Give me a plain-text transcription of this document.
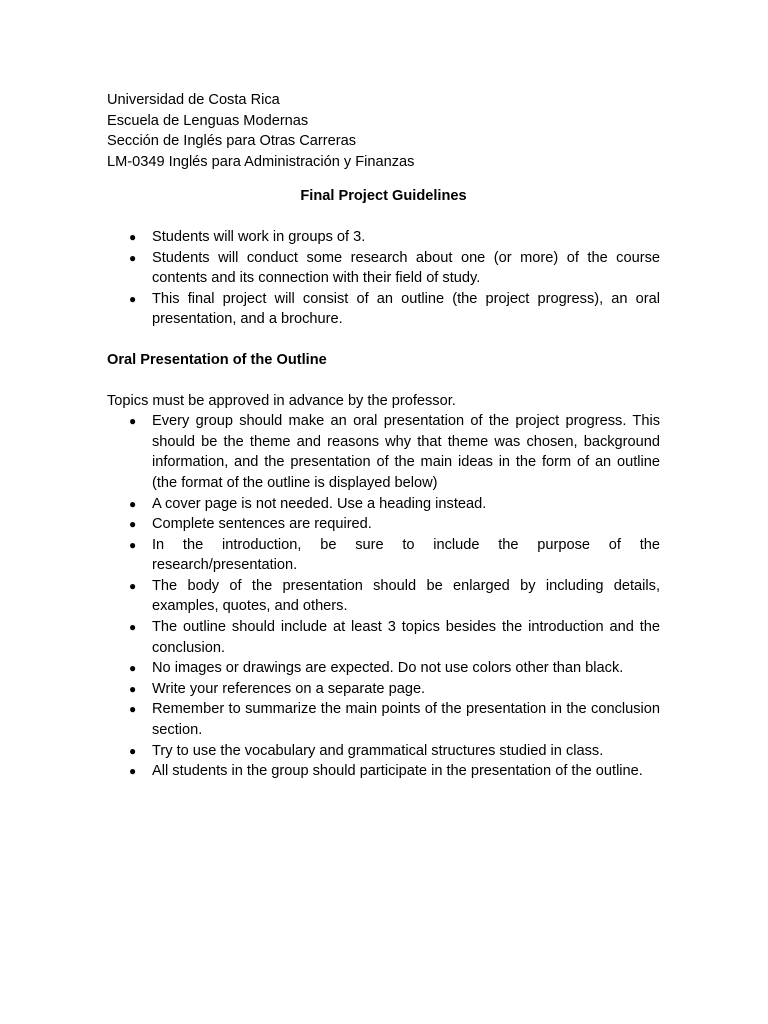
Universidad de Costa Rica

Escuela de Lenguas Modernas

Sección de Inglés para Otras Carreras

LM-0349 Inglés para Administración y Finanzas

Final Project Guidelines

● Students will work in groups of 3.
● Students will conduct some research about one (or more) of the course contents and its connection with their field of study.
● This final project will consist of an outline (the project progress), an oral presentation, and a brochure.

Oral Presentation of the Outline

Topics must be approved in advance by the professor.

● Every group should make an oral presentation of the project progress. This should be the theme and reasons why that theme was chosen, background information, and the presentation of the main ideas in the form of an outline (the format of the outline is displayed below)
● A cover page is not needed. Use a heading instead.
● Complete sentences are required.
● In the introduction, be sure to include the purpose of the research/presentation.
● The body of the presentation should be enlarged by including details, examples, quotes, and others.
● The outline should include at least 3 topics besides the introduction and the conclusion.
● No images or drawings are expected. Do not use colors other than black.
● Write your references on a separate page.
● Remember to summarize the main points of the presentation in the conclusion section.
● Try to use the vocabulary and grammatical structures studied in class.
● All students in the group should participate in the presentation of the outline.
